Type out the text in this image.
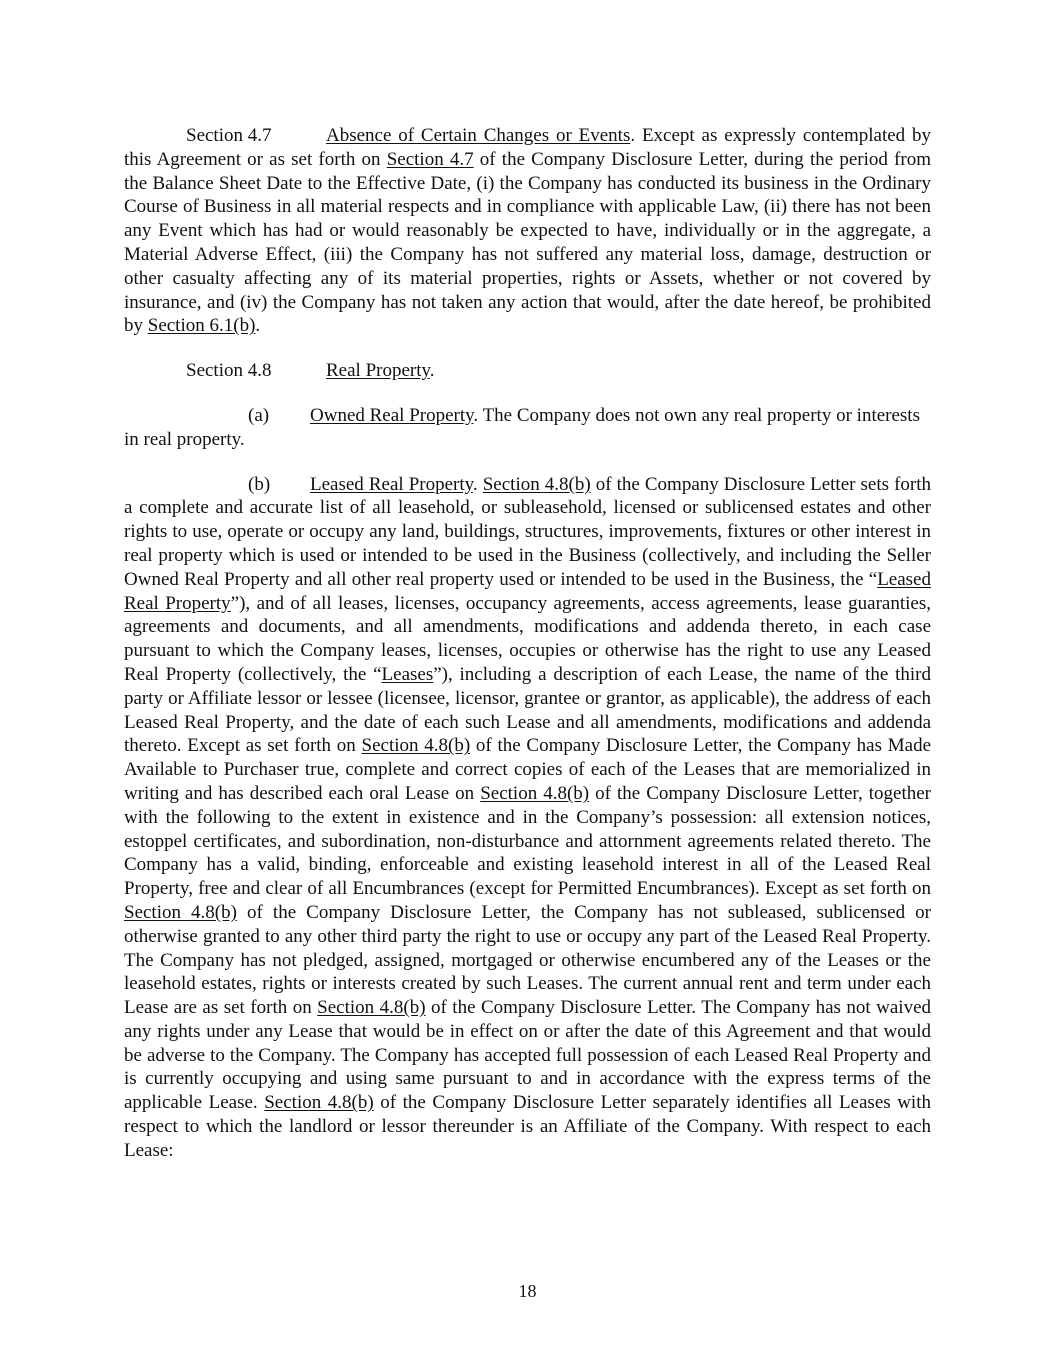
Section 4.7	Absence of Certain Changes or Events. Except as expressly contemplated by this Agreement or as set forth on Section 4.7 of the Company Disclosure Letter, during the period from the Balance Sheet Date to the Effective Date, (i) the Company has conducted its business in the Ordinary Course of Business in all material respects and in compliance with applicable Law, (ii) there has not been any Event which has had or would reasonably be expected to have, individually or in the aggregate, a Material Adverse Effect, (iii) the Company has not suffered any material loss, damage, destruction or other casualty affecting any of its material properties, rights or Assets, whether or not covered by insurance, and (iv) the Company has not taken any action that would, after the date hereof, be prohibited by Section 6.1(b).

Section 4.8	Real Property.

(a) Owned Real Property. The Company does not own any real property or interests in real property.

(b) Leased Real Property. Section 4.8(b) of the Company Disclosure Letter sets forth a complete and accurate list of all leasehold, or subleasehold, licensed or sublicensed estates and other rights to use, operate or occupy any land, buildings, structures, improvements, fixtures or other interest in real property which is used or intended to be used in the Business (collectively, and including the Seller Owned Real Property and all other real property used or intended to be used in the Business, the “Leased Real Property”), and of all leases, licenses, occupancy agreements, access agreements, lease guaranties, agreements and documents, and all amendments, modifications and addenda thereto, in each case pursuant to which the Company leases, licenses, occupies or otherwise has the right to use any Leased Real Property (collectively, the “Leases”), including a description of each Lease, the name of the third party or Affiliate lessor or lessee (licensee, licensor, grantee or grantor, as applicable), the address of each Leased Real Property, and the date of each such Lease and all amendments, modifications and addenda thereto. Except as set forth on Section 4.8(b) of the Company Disclosure Letter, the Company has Made Available to Purchaser true, complete and correct copies of each of the Leases that are memorialized in writing and has described each oral Lease on Section 4.8(b) of the Company Disclosure Letter, together with the following to the extent in existence and in the Company’s possession: all extension notices, estoppel certificates, and subordination, non-disturbance and attornment agreements related thereto. The Company has a valid, binding, enforceable and existing leasehold interest in all of the Leased Real Property, free and clear of all Encumbrances (except for Permitted Encumbrances). Except as set forth on Section 4.8(b) of the Company Disclosure Letter, the Company has not subleased, sublicensed or otherwise granted to any other third party the right to use or occupy any part of the Leased Real Property. The Company has not pledged, assigned, mortgaged or otherwise encumbered any of the Leases or the leasehold estates, rights or interests created by such Leases. The current annual rent and term under each Lease are as set forth on Section 4.8(b) of the Company Disclosure Letter. The Company has not waived any rights under any Lease that would be in effect on or after the date of this Agreement and that would be adverse to the Company. The Company has accepted full possession of each Leased Real Property and is currently occupying and using same pursuant to and in accordance with the express terms of the applicable Lease. Section 4.8(b) of the Company Disclosure Letter separately identifies all Leases with respect to which the landlord or lessor thereunder is an Affiliate of the Company. With respect to each Lease:

18
